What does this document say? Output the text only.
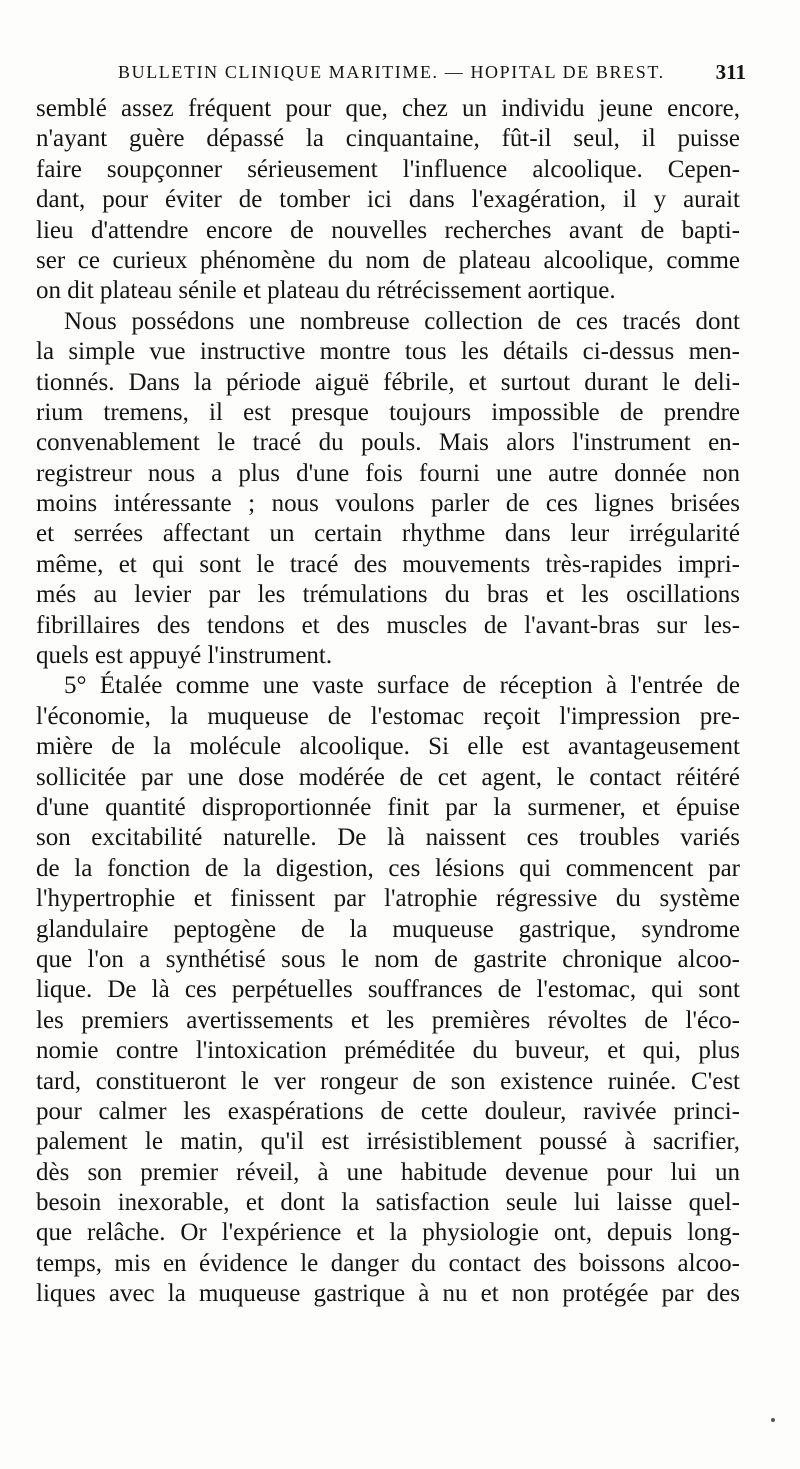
BULLETIN CLINIQUE MARITIME. — HOPITAL DE BREST. 311
semblé assez fréquent pour que, chez un individu jeune encore,
n'ayant guère dépassé la cinquantaine, fût-il seul, il puisse
faire soupçonner sérieusement l'influence alcoolique. Cepen-
dant, pour éviter de tomber ici dans l'exagération, il y aurait
lieu d'attendre encore de nouvelles recherches avant de bapti-
ser ce curieux phénomène du nom de plateau alcoolique, comme
on dit plateau sénile et plateau du rétrécissement aortique.
Nous possédons une nombreuse collection de ces tracés dont
la simple vue instructive montre tous les détails ci-dessus men-
tionnés. Dans la période aiguë fébrile, et surtout durant le deli-
rium tremens, il est presque toujours impossible de prendre
convenablement le tracé du pouls. Mais alors l'instrument en-
registreur nous a plus d'une fois fourni une autre donnée non
moins intéressante ; nous voulons parler de ces lignes brisées
et serrées affectant un certain rhythme dans leur irrégularité
même, et qui sont le tracé des mouvements très-rapides impri-
més au levier par les trémulations du bras et les oscillations
fibrillaires des tendons et des muscles de l'avant-bras sur les-
quels est appuyé l'instrument.
5° Étalée comme une vaste surface de réception à l'entrée de
l'économie, la muqueuse de l'estomac reçoit l'impression pre-
mière de la molécule alcoolique. Si elle est avantageusement
sollicitée par une dose modérée de cet agent, le contact réitéré
d'une quantité disproportionnée finit par la surmener, et épuise
son excitabilité naturelle. De là naissent ces troubles variés
de la fonction de la digestion, ces lésions qui commencent par
l'hypertrophie et finissent par l'atrophie régressive du système
glandulaire peptogène de la muqueuse gastrique, syndrome
que l'on a synthétisé sous le nom de gastrite chronique alcoo-
lique. De là ces perpétuelles souffrances de l'estomac, qui sont
les premiers avertissements et les premières révoltes de l'éco-
nomie contre l'intoxication préméditée du buveur, et qui, plus
tard, constitueront le ver rongeur de son existence ruinée. C'est
pour calmer les exaspérations de cette douleur, ravivée princi-
palement le matin, qu'il est irrésistiblement poussé à sacrifier,
dès son premier réveil, à une habitude devenue pour lui un
besoin inexorable, et dont la satisfaction seule lui laisse quel-
que relâche. Or l'expérience et la physiologie ont, depuis long-
temps, mis en évidence le danger du contact des boissons alcoo-
liques avec la muqueuse gastrique à nu et non protégée par des
